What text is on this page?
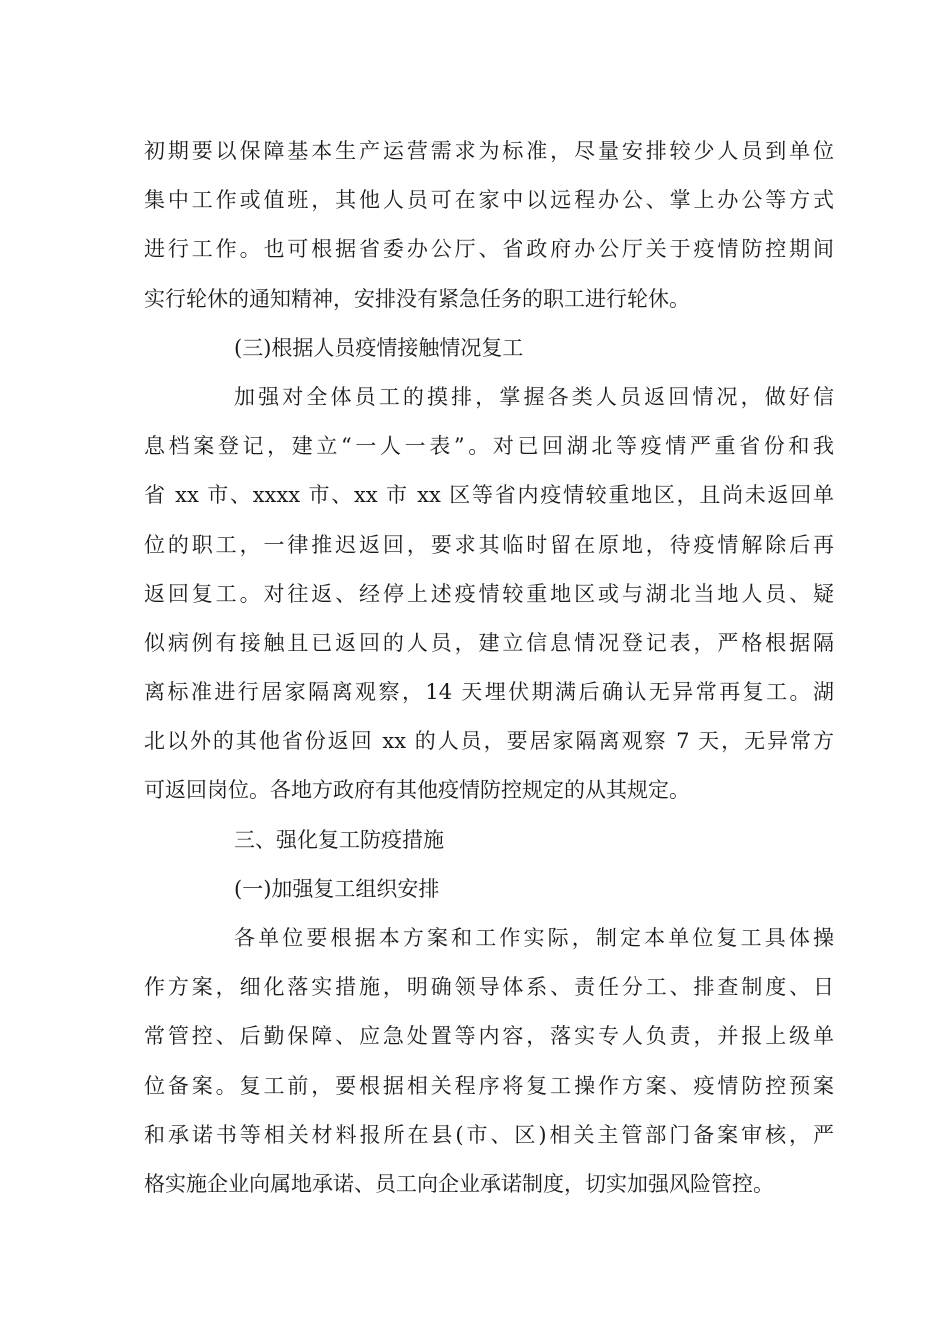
初期要以保障基本生产运营需求为标准，尽量安排较少人员到单位
集中工作或值班，其他人员可在家中以远程办公、掌上办公等方式
进行工作。也可根据省委办公厅、省政府办公厅关于疫情防控期间
实行轮休的通知精神，安排没有紧急任务的职工进行轮休。
(三)根据人员疫情接触情况复工
加强对全体员工的摸排，掌握各类人员返回情况，做好信
息档案登记，建立“一人一表”。对已回湖北等疫情严重省份和我
省 xx 市、xxxx 市、xx 市 xx 区等省内疫情较重地区，且尚未返回单
位的职工，一律推迟返回，要求其临时留在原地，待疫情解除后再
返回复工。对往返、经停上述疫情较重地区或与湖北当地人员、疑
似病例有接触且已返回的人员，建立信息情况登记表，严格根据隔
离标准进行居家隔离观察，14 天埋伏期满后确认无异常再复工。湖
北以外的其他省份返回 xx 的人员，要居家隔离观察 7 天，无异常方
可返回岗位。各地方政府有其他疫情防控规定的从其规定。
三、强化复工防疫措施
(一)加强复工组织安排
各单位要根据本方案和工作实际，制定本单位复工具体操
作方案，细化落实措施，明确领导体系、责任分工、排查制度、日
常管控、后勤保障、应急处置等内容，落实专人负责，并报上级单
位备案。复工前，要根据相关程序将复工操作方案、疫情防控预案
和承诺书等相关材料报所在县(市、区)相关主管部门备案审核，严
格实施企业向属地承诺、员工向企业承诺制度，切实加强风险管控。
